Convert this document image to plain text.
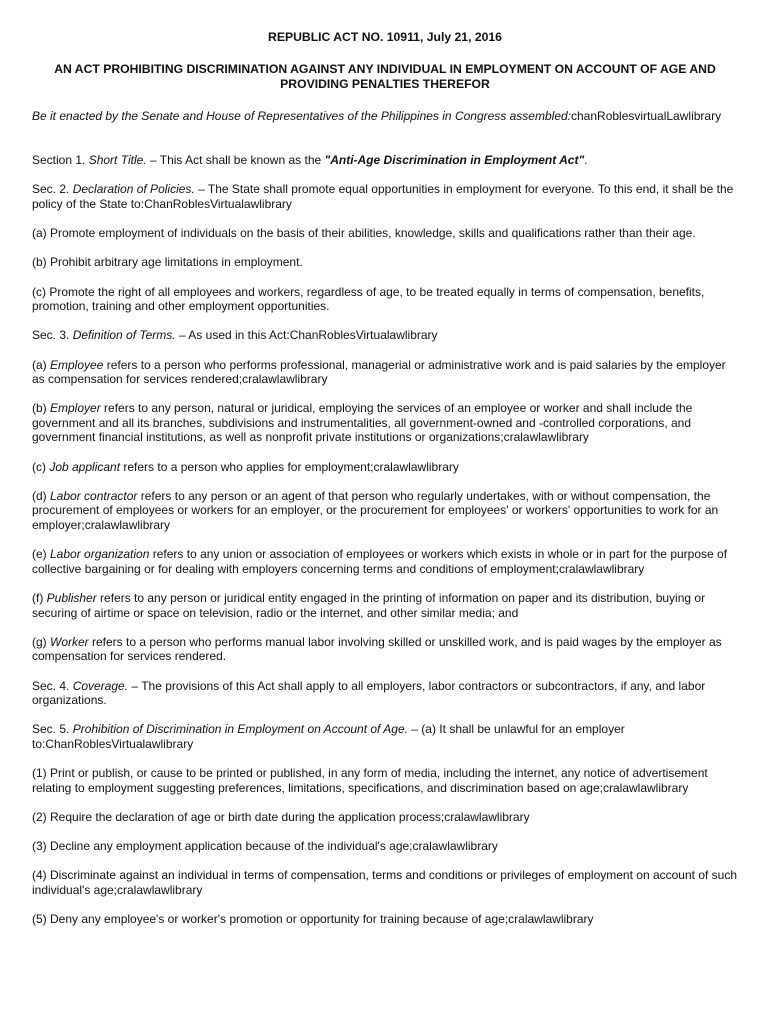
REPUBLIC ACT NO. 10911, July 21, 2016
AN ACT PROHIBITING DISCRIMINATION AGAINST ANY INDIVIDUAL IN EMPLOYMENT ON ACCOUNT OF AGE AND PROVIDING PENALTIES THEREFOR
Be it enacted by the Senate and House of Representatives of the Philippines in Congress assembled:chanRoblesvirtualLawlibrary

Section 1. Short Title. – This Act shall be known as the "Anti-Age Discrimination in Employment Act".

Sec. 2. Declaration of Policies. – The State shall promote equal opportunities in employment for everyone. To this end, it shall be the policy of the State to:ChanRoblesVirtualawlibrary

(a) Promote employment of individuals on the basis of their abilities, knowledge, skills and qualifications rather than their age.

(b) Prohibit arbitrary age limitations in employment.

(c) Promote the right of all employees and workers, regardless of age, to be treated equally in terms of compensation, benefits, promotion, training and other employment opportunities.

Sec. 3. Definition of Terms. – As used in this Act:ChanRoblesVirtualawlibrary

(a) Employee refers to a person who performs professional, managerial or administrative work and is paid salaries by the employer as compensation for services rendered;cralawlawlibrary

(b) Employer refers to any person, natural or juridical, employing the services of an employee or worker and shall include the government and all its branches, subdivisions and instrumentalities, all government-owned and -controlled corporations, and government financial institutions, as well as nonprofit private institutions or organizations;cralawlawlibrary

(c) Job applicant refers to a person who applies for employment;cralawlawlibrary

(d) Labor contractor refers to any person or an agent of that person who regularly undertakes, with or without compensation, the procurement of employees or workers for an employer, or the procurement for employees' or workers' opportunities to work for an employer;cralawlawlibrary

(e) Labor organization refers to any union or association of employees or workers which exists in whole or in part for the purpose of collective bargaining or for dealing with employers concerning terms and conditions of employment;cralawlawlibrary

(f) Publisher refers to any person or juridical entity engaged in the printing of information on paper and its distribution, buying or securing of airtime or space on television, radio or the internet, and other similar media; and

(g) Worker refers to a person who performs manual labor involving skilled or unskilled work, and is paid wages by the employer as compensation for services rendered.

Sec. 4. Coverage. – The provisions of this Act shall apply to all employers, labor contractors or subcontractors, if any, and labor organizations.

Sec. 5. Prohibition of Discrimination in Employment on Account of Age. – (a) It shall be unlawful for an employer to:ChanRoblesVirtualawlibrary

(1) Print or publish, or cause to be printed or published, in any form of media, including the internet, any notice of advertisement relating to employment suggesting preferences, limitations, specifications, and discrimination based on age;cralawlawlibrary

(2) Require the declaration of age or birth date during the application process;cralawlawlibrary

(3) Decline any employment application because of the individual's age;cralawlawlibrary

(4) Discriminate against an individual in terms of compensation, terms and conditions or privileges of employment on account of such individual's age;cralawlawlibrary

(5) Deny any employee's or worker's promotion or opportunity for training because of age;cralawlawlibrary
